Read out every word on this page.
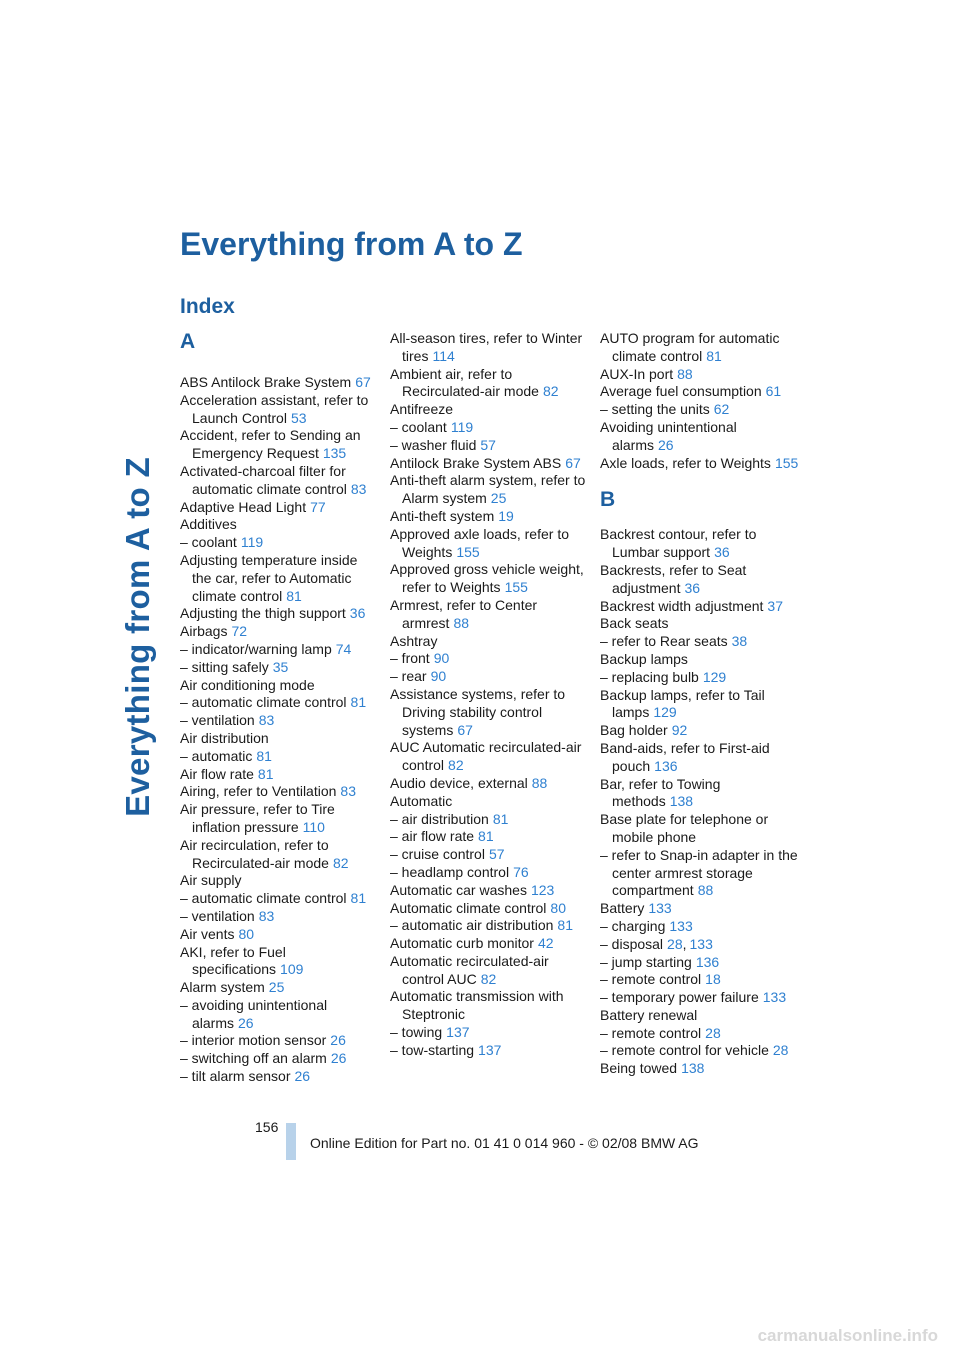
Everything from A to Z
Everything from A to Z
Index
A
ABS Antilock Brake System 67
Acceleration assistant, refer to Launch Control 53
Accident, refer to Sending an Emergency Request 135
Activated-charcoal filter for automatic climate control 83
Adaptive Head Light 77
Additives
– coolant 119
Adjusting temperature inside the car, refer to Automatic climate control 81
Adjusting the thigh support 36
Airbags 72
– indicator/warning lamp 74
– sitting safely 35
Air conditioning mode
– automatic climate control 81
– ventilation 83
Air distribution
– automatic 81
Air flow rate 81
Airing, refer to Ventilation 83
Air pressure, refer to Tire inflation pressure 110
Air recirculation, refer to Recirculated-air mode 82
Air supply
– automatic climate control 81
– ventilation 83
Air vents 80
AKI, refer to Fuel specifications 109
Alarm system 25
– avoiding unintentional alarms 26
– interior motion sensor 26
– switching off an alarm 26
– tilt alarm sensor 26
All-season tires, refer to Winter tires 114
Ambient air, refer to Recirculated-air mode 82
Antifreeze
– coolant 119
– washer fluid 57
Antilock Brake System ABS 67
Anti-theft alarm system, refer to Alarm system 25
Anti-theft system 19
Approved axle loads, refer to Weights 155
Approved gross vehicle weight, refer to Weights 155
Armrest, refer to Center armrest 88
Ashtray
– front 90
– rear 90
Assistance systems, refer to Driving stability control systems 67
AUC Automatic recirculated-air control 82
Audio device, external 88
Automatic
– air distribution 81
– air flow rate 81
– cruise control 57
– headlamp control 76
Automatic car washes 123
Automatic climate control 80
– automatic air distribution 81
Automatic curb monitor 42
Automatic recirculated-air control AUC 82
Automatic transmission with Steptronic
– towing 137
– tow-starting 137
AUTO program for automatic climate control 81
AUX-In port 88
Average fuel consumption 61
– setting the units 62
Avoiding unintentional alarms 26
Axle loads, refer to Weights 155
B
Backrest contour, refer to Lumbar support 36
Backrests, refer to Seat adjustment 36
Backrest width adjustment 37
Back seats
– refer to Rear seats 38
Backup lamps
– replacing bulb 129
Backup lamps, refer to Tail lamps 129
Bag holder 92
Band-aids, refer to First-aid pouch 136
Bar, refer to Towing methods 138
Base plate for telephone or mobile phone
– refer to Snap-in adapter in the center armrest storage compartment 88
Battery 133
– charging 133
– disposal 28, 133
– jump starting 136
– remote control 18
– temporary power failure 133
Battery renewal
– remote control 28
– remote control for vehicle 28
Being towed 138
156
Online Edition for Part no. 01 41 0 014 960 - © 02/08 BMW AG
carmanualsonline.info
